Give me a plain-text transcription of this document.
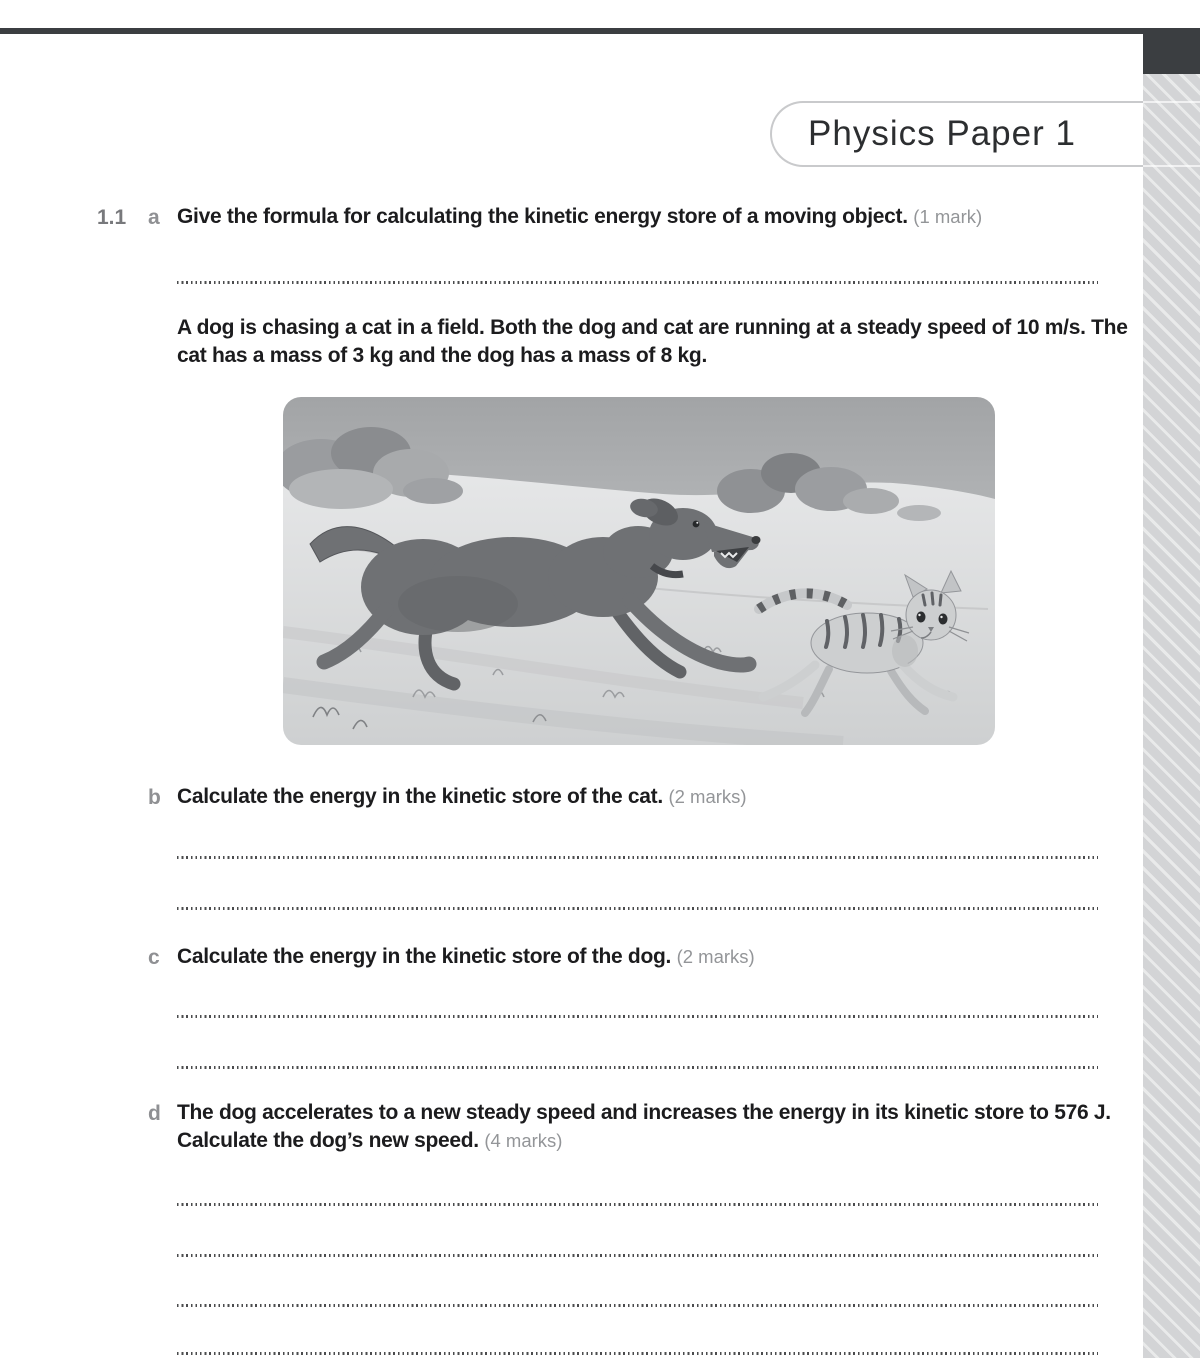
Physics Paper 1
1.1 a Give the formula for calculating the kinetic energy store of a moving object. (1 mark)

A dog is chasing a cat in a field. Both the dog and cat are running at a steady speed of 10 m/s. The cat has a mass of 3 kg and the dog has a mass of 8 kg.

b Calculate the energy in the kinetic store of the cat. (2 marks)

c Calculate the energy in the kinetic store of the dog. (2 marks)

d The dog accelerates to a new steady speed and increases the energy in its kinetic store to 576 J. Calculate the dog’s new speed. (4 marks)
